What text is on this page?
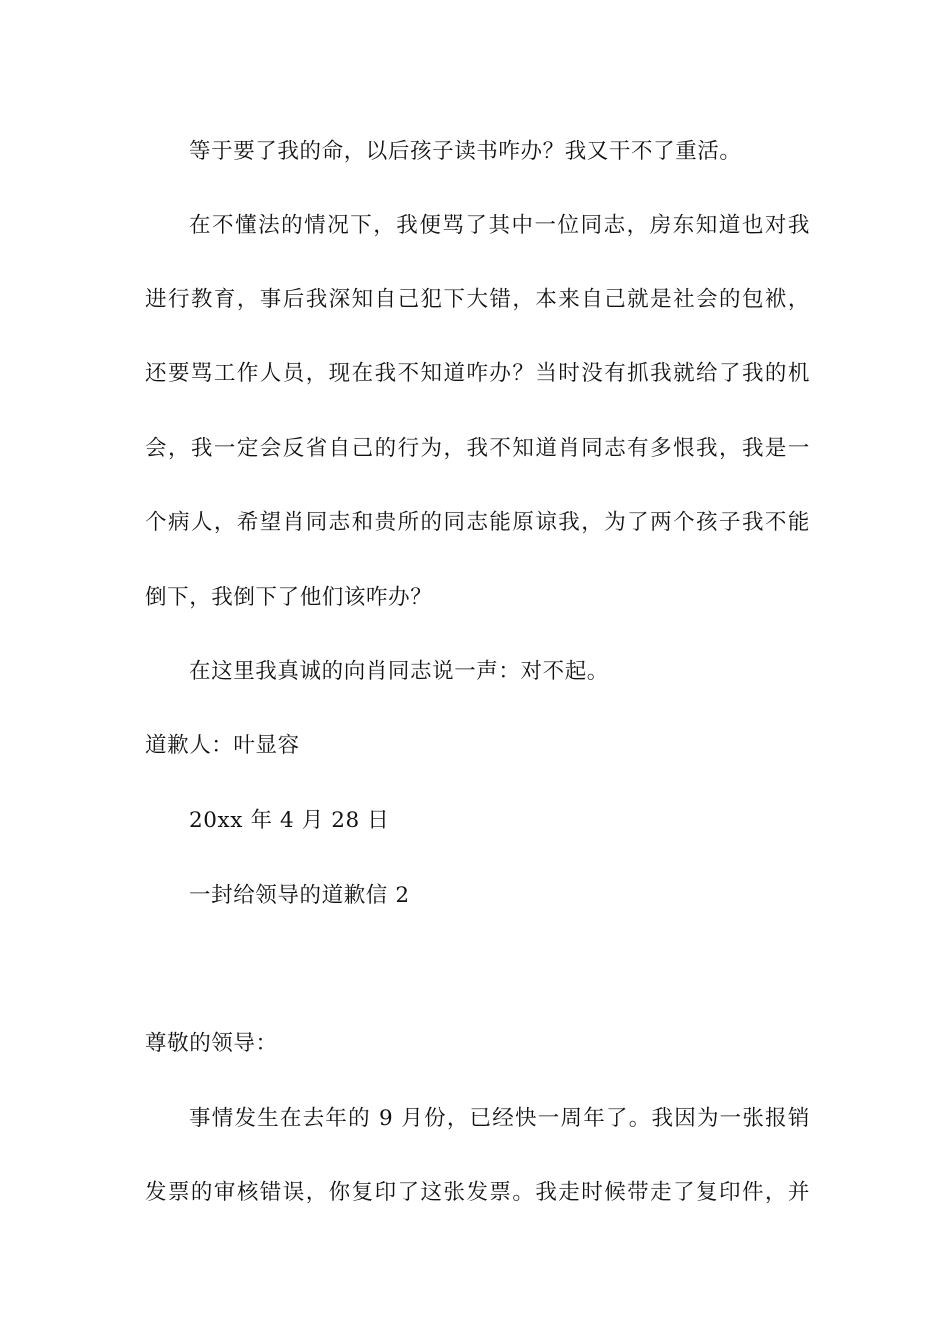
等于要了我的命，以后孩子读书咋办？我又干不了重活。
在不懂法的情况下，我便骂了其中一位同志，房东知道也对我
进行教育，事后我深知自己犯下大错，本来自己就是社会的包袱，
还要骂工作人员，现在我不知道咋办？当时没有抓我就给了我的机
会，我一定会反省自己的行为，我不知道肖同志有多恨我，我是一
个病人，希望肖同志和贵所的同志能原谅我，为了两个孩子我不能
倒下，我倒下了他们该咋办？
在这里我真诚的向肖同志说一声：对不起。
道歉人：叶显容
20xx 年 4 月 28 日
一封给领导的道歉信 2
尊敬的领导：
事情发生在去年的 9 月份，已经快一周年了。我因为一张报销
发票的审核错误，你复印了这张发票。我走时候带走了复印件，并
